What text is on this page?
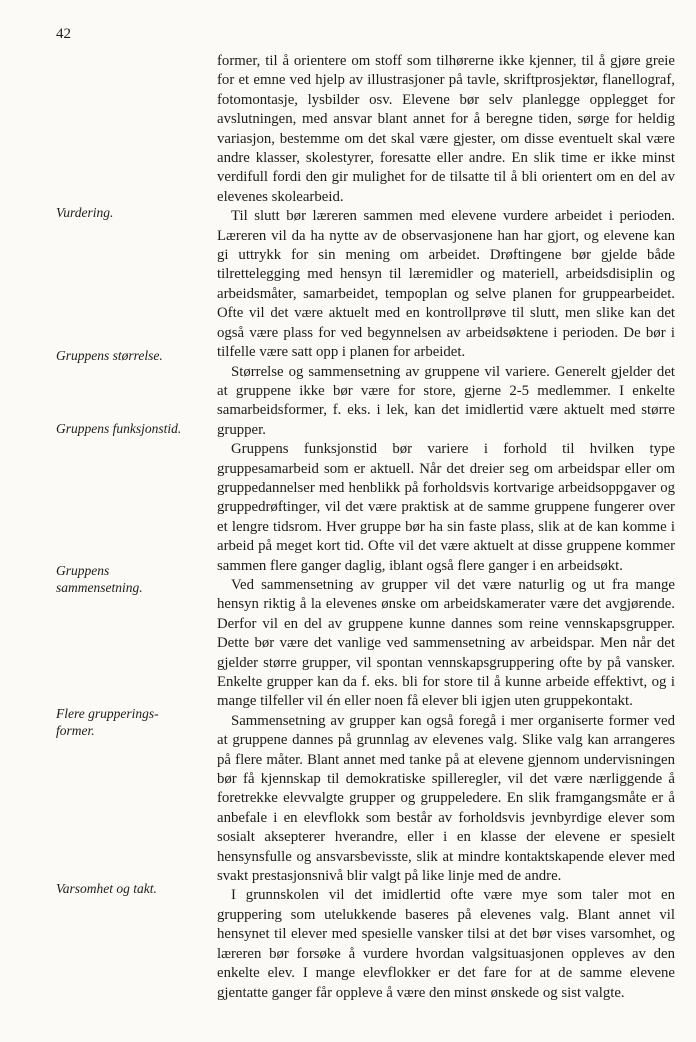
42
Vurdering.
Gruppens størrelse.
Gruppens funksjonstid.
Gruppens
sammensetning.
Flere grupperings-
former.
Varsomhet og takt.

former, til å orientere om stoff som tilhørerne ikke kjenner, til å gjøre greie for et emne ved hjelp av illustrasjoner på tavle, skriftprosjektør, flanellograf, fotomontasje, lysbilder osv. Elevene bør selv planlegge opplegget for avslutningen, med ansvar blant annet for å beregne tiden, sørge for heldig variasjon, bestemme om det skal være gjester, om disse eventuelt skal være andre klasser, skolestyrer, foresatte eller andre. En slik time er ikke minst verdifull fordi den gir mulighet for de tilsatte til å bli orientert om en del av elevenes skolearbeid.

Til slutt bør læreren sammen med elevene vurdere arbeidet i perioden. Læreren vil da ha nytte av de observasjonene han har gjort, og elevene kan gi uttrykk for sin mening om arbeidet. Drøftingene bør gjelde både tilrettelegging med hensyn til læremidler og materiell, arbeidsdisiplin og arbeidsmåter, samarbeidet, tempoplan og selve planen for gruppearbeidet. Ofte vil det være aktuelt med en kontrollprøve til slutt, men slike kan det også være plass for ved begynnelsen av arbeidsøktene i perioden. De bør i tilfelle være satt opp i planen for arbeidet.

Størrelse og sammensetning av gruppene vil variere. Generelt gjelder det at gruppene ikke bør være for store, gjerne 2-5 medlemmer. I enkelte samarbeidsformer, f. eks. i lek, kan det imidlertid være aktuelt med større grupper.

Gruppens funksjonstid bør variere i forhold til hvilken type gruppesamarbeid som er aktuell. Når det dreier seg om arbeidspar eller om gruppedannelser med henblikk på forholdsvis kortvarige arbeidsoppgaver og gruppedrøftinger, vil det være praktisk at de samme gruppene fungerer over et lengre tidsrom. Hver gruppe bør ha sin faste plass, slik at de kan komme i arbeid på meget kort tid. Ofte vil det være aktuelt at disse gruppene kommer sammen flere ganger daglig, iblant også flere ganger i en arbeidsøkt.

Ved sammensetning av grupper vil det være naturlig og ut fra mange hensyn riktig å la elevenes ønske om arbeidskamerater være det avgjørende. Derfor vil en del av gruppene kunne dannes som reine vennskapsgrupper. Dette bør være det vanlige ved sammensetning av arbeidspar. Men når det gjelder større grupper, vil spontan vennskapsgruppering ofte by på vansker. Enkelte grupper kan da f. eks. bli for store til å kunne arbeide effektivt, og i mange tilfeller vil én eller noen få elever bli igjen uten gruppekontakt.

Sammensetning av grupper kan også foregå i mer organiserte former ved at gruppene dannes på grunnlag av elevenes valg. Slike valg kan arrangeres på flere måter. Blant annet med tanke på at elevene gjennom undervisningen bør få kjennskap til demokratiske spilleregler, vil det være nærliggende å foretrekke elevvalgte grupper og gruppeledere. En slik framgangsmåte er å anbefale i en elevflokk som består av forholdsvis jevnbyrdige elever som sosialt aksepterer hverandre, eller i en klasse der elevene er spesielt hensynsfulle og ansvarsbevisste, slik at mindre kontaktskapende elever med svakt prestasjonsnivå blir valgt på like linje med de andre.

I grunnskolen vil det imidlertid ofte være mye som taler mot en gruppering som utelukkende baseres på elevenes valg. Blant annet vil hensynet til elever med spesielle vansker tilsi at det bør vises varsomhet, og læreren bør forsøke å vurdere hvordan valgsituasjonen oppleves av den enkelte elev. I mange elevflokker er det fare for at de samme elevene gjentatte ganger får oppleve å være den minst ønskede og sist valgte.
